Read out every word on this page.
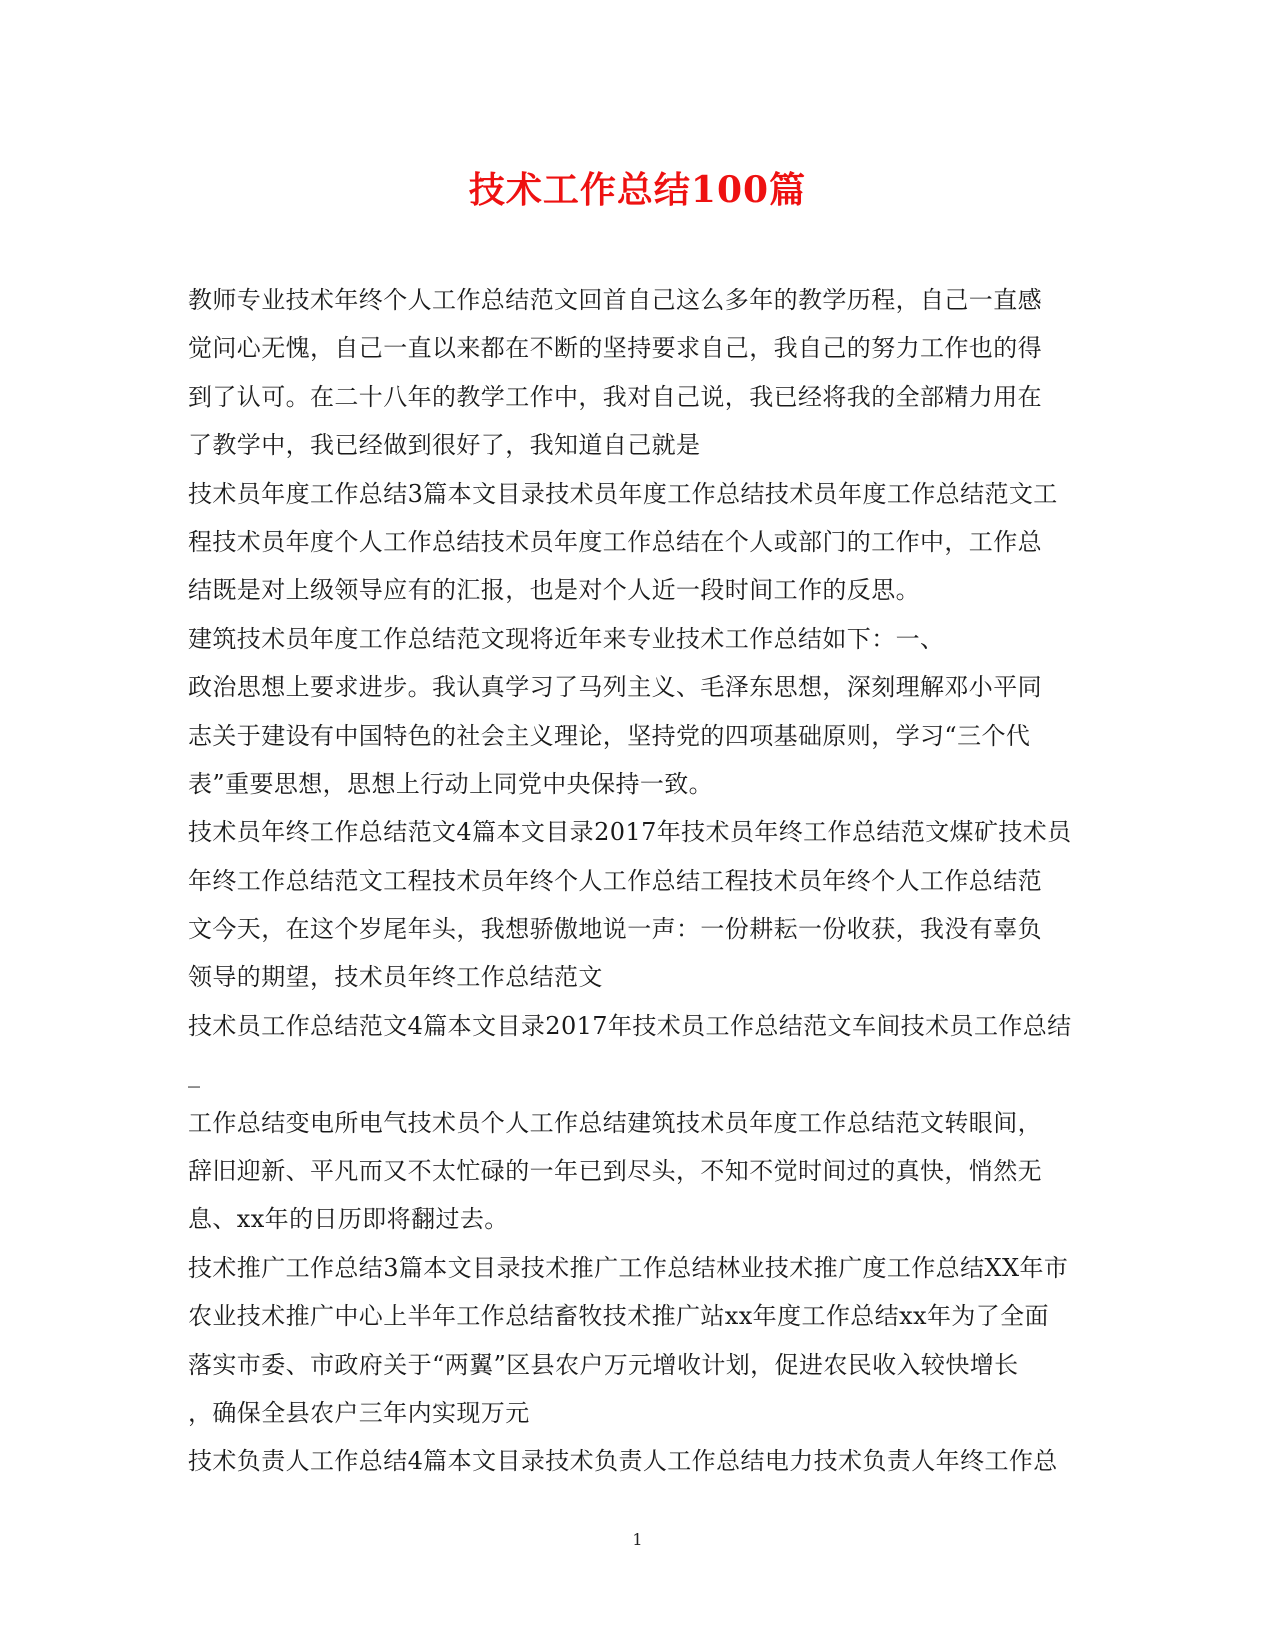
技术工作总结100篇
教师专业技术年终个人工作总结范文回首自己这么多年的教学历程，自己一直感
觉问心无愧，自己一直以来都在不断的坚持要求自己，我自己的努力工作也的得
到了认可。在二十八年的教学工作中，我对自己说，我已经将我的全部精力用在
了教学中，我已经做到很好了，我知道自己就是
技术员年度工作总结3篇本文目录技术员年度工作总结技术员年度工作总结范文工
程技术员年度个人工作总结技术员年度工作总结在个人或部门的工作中，工作总
结既是对上级领导应有的汇报，也是对个人近一段时间工作的反思。
建筑技术员年度工作总结范文现将近年来专业技术工作总结如下：一、
政治思想上要求进步。我认真学习了马列主义、毛泽东思想，深刻理解邓小平同
志关于建设有中国特色的社会主义理论，坚持党的四项基础原则，学习“三个代
表”重要思想，思想上行动上同党中央保持一致。
技术员年终工作总结范文4篇本文目录2017年技术员年终工作总结范文煤矿技术员
年终工作总结范文工程技术员年终个人工作总结工程技术员年终个人工作总结范
文今天，在这个岁尾年头，我想骄傲地说一声：一份耕耘一份收获，我没有辜负
领导的期望，技术员年终工作总结范文
技术员工作总结范文4篇本文目录2017年技术员工作总结范文车间技术员工作总结
_
工作总结变电所电气技术员个人工作总结建筑技术员年度工作总结范文转眼间，
辞旧迎新、平凡而又不太忙碌的一年已到尽头，不知不觉时间过的真快，悄然无
息、xx年的日历即将翻过去。
技术推广工作总结3篇本文目录技术推广工作总结林业技术推广度工作总结XX年市
农业技术推广中心上半年工作总结畜牧技术推广站xx年度工作总结xx年为了全面
落实市委、市政府关于“两翼”区县农户万元增收计划，促进农民收入较快增长
，确保全县农户三年内实现万元
技术负责人工作总结4篇本文目录技术负责人工作总结电力技术负责人年终工作总
1
